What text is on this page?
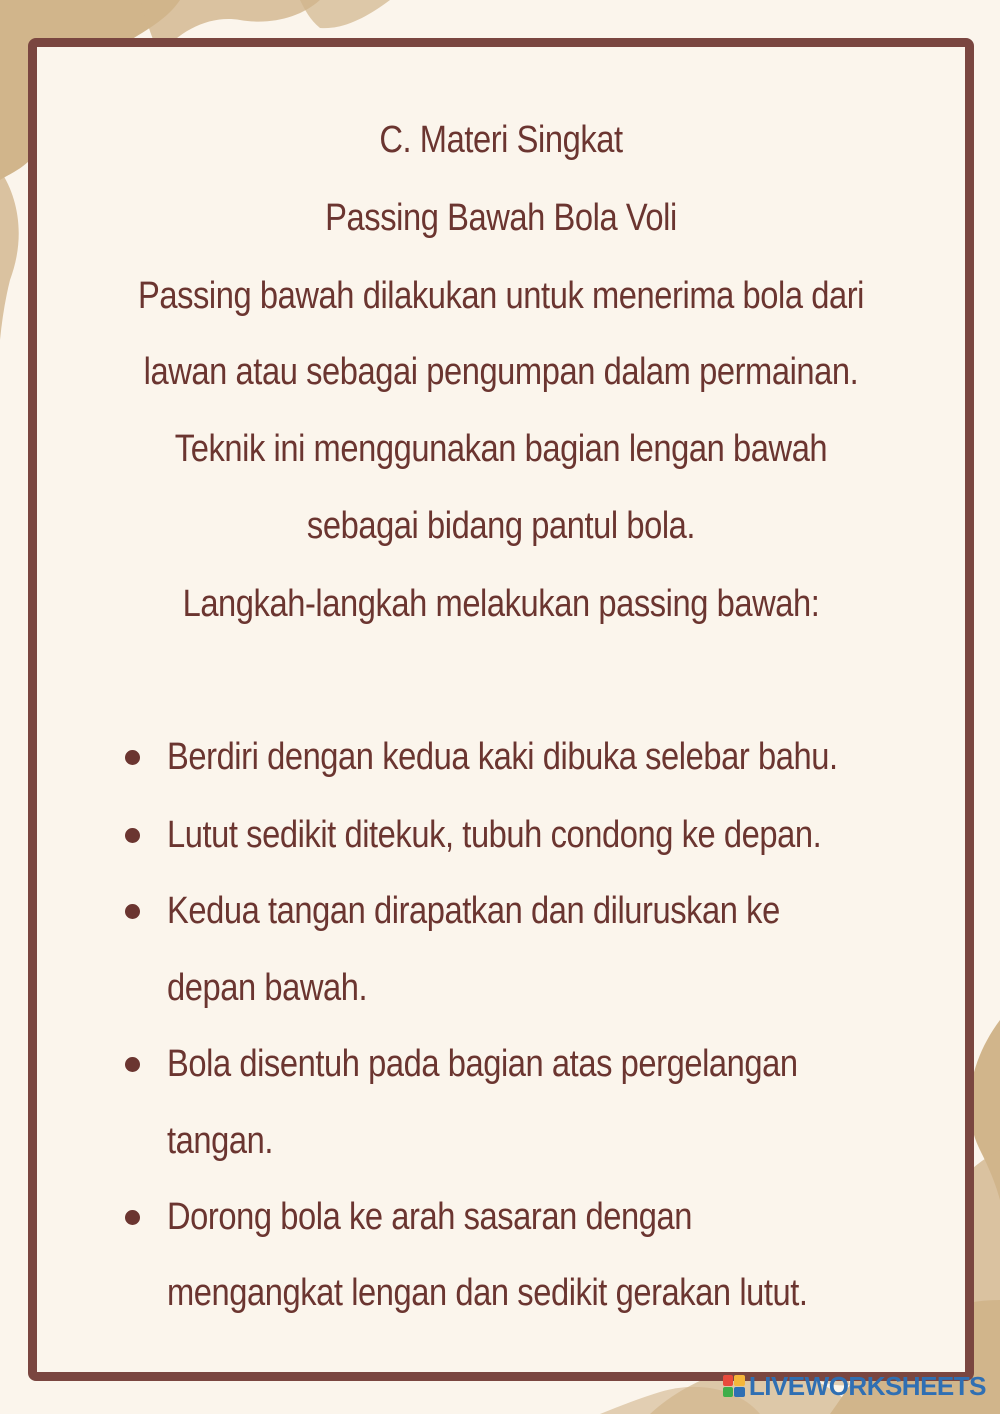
C. Materi Singkat
Passing Bawah Bola Voli
Passing bawah dilakukan untuk menerima bola dari
lawan atau sebagai pengumpan dalam permainan.
Teknik ini menggunakan bagian lengan bawah
sebagai bidang pantul bola.
Langkah-langkah melakukan passing bawah:
Berdiri dengan kedua kaki dibuka selebar bahu.
Lutut sedikit ditekuk, tubuh condong ke depan.
Kedua tangan dirapatkan dan diluruskan ke
depan bawah.
Bola disentuh pada bagian atas pergelangan
tangan.
Dorong bola ke arah sasaran dengan
mengangkat lengan dan sedikit gerakan lutut.
LIVEWORKSHEETS
